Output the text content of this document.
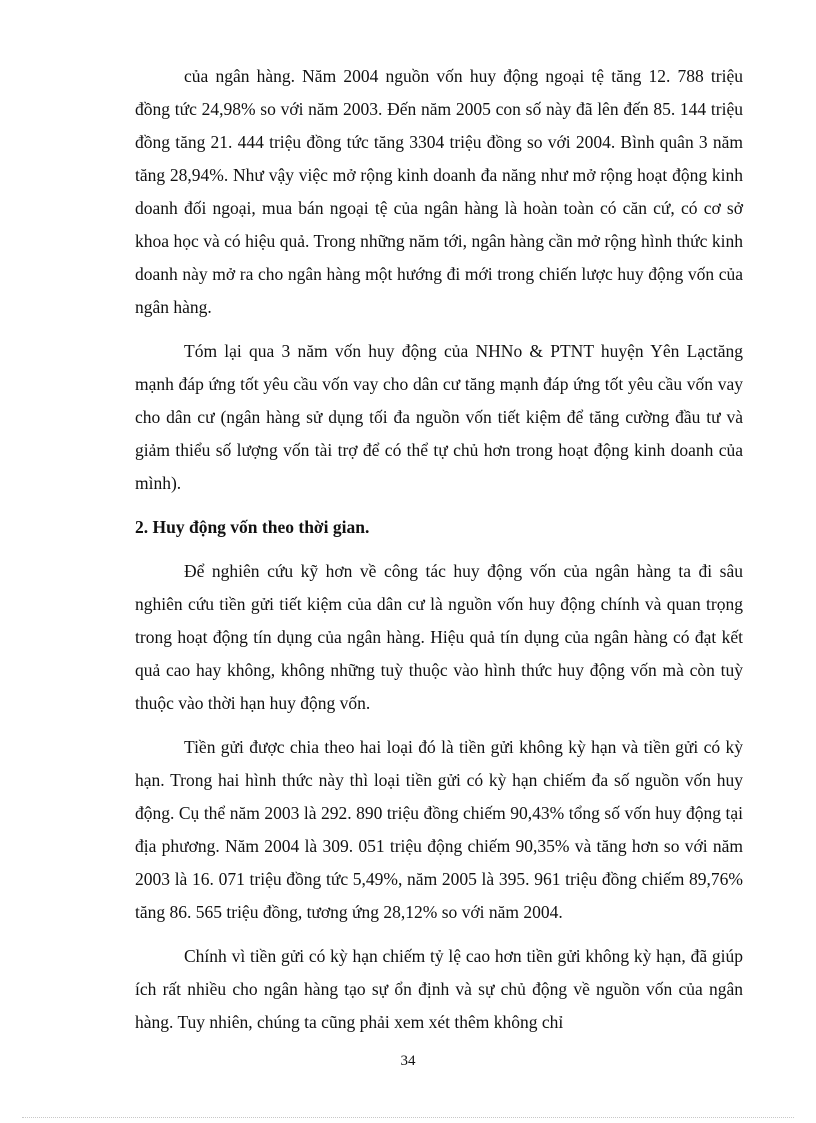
của ngân hàng. Năm 2004 nguồn vốn huy động ngoại tệ tăng 12. 788 triệu đồng tức 24,98% so với năm 2003. Đến năm 2005 con số này đã lên đến 85. 144 triệu đồng tăng 21. 444 triệu đồng tức tăng 3304 triệu đồng so với 2004. Bình quân 3 năm tăng 28,94%. Như vậy việc mở rộng kinh doanh đa năng như mở rộng hoạt động kinh doanh đối ngoại, mua bán ngoại tệ của ngân hàng là hoàn toàn có căn cứ, có cơ sở khoa học và có hiệu quả. Trong những năm tới, ngân hàng cần mở rộng hình thức kinh doanh này mở ra cho ngân hàng một hướng đi mới trong chiến lược huy động vốn của ngân hàng.

Tóm lại qua 3 năm vốn huy động của NHNo & PTNT huyện Yên Lạctăng mạnh đáp ứng tốt yêu cầu vốn vay cho dân cư tăng mạnh đáp ứng tốt yêu cầu vốn vay cho dân cư (ngân hàng sử dụng tối đa nguồn vốn tiết kiệm để tăng cường đầu tư và giảm thiểu số lượng vốn tài trợ để có thể tự chủ hơn trong hoạt động kinh doanh của mình).

2. Huy động vốn theo thời gian.

Để nghiên cứu kỹ hơn về công tác huy động vốn của ngân hàng ta đi sâu nghiên cứu tiền gửi tiết kiệm của dân cư là nguồn vốn huy động chính và quan trọng trong hoạt động tín dụng của ngân hàng. Hiệu quả tín dụng của ngân hàng có đạt kết quả cao hay không, không những tuỳ thuộc vào hình thức huy động vốn mà còn tuỳ thuộc vào thời hạn huy động vốn.

Tiền gửi được chia theo hai loại đó là tiền gửi không kỳ hạn và tiền gửi có kỳ hạn. Trong hai hình thức này thì loại tiền gửi có kỳ hạn chiếm đa số nguồn vốn huy động. Cụ thể năm 2003 là 292. 890 triệu đồng chiếm 90,43% tổng số vốn huy động tại địa phương. Năm 2004 là 309. 051 triệu động chiếm 90,35% và tăng hơn so với năm 2003 là 16. 071 triệu đồng tức 5,49%, năm 2005 là 395. 961 triệu đồng chiếm 89,76% tăng 86. 565 triệu đồng, tương ứng 28,12% so với năm 2004.

Chính vì tiền gửi có kỳ hạn chiếm tỷ lệ cao hơn tiền gửi không kỳ hạn, đã giúp ích rất nhiều cho ngân hàng tạo sự ổn định và sự chủ động về nguồn vốn của ngân hàng. Tuy nhiên, chúng ta cũng phải xem xét thêm không chỉ

34
